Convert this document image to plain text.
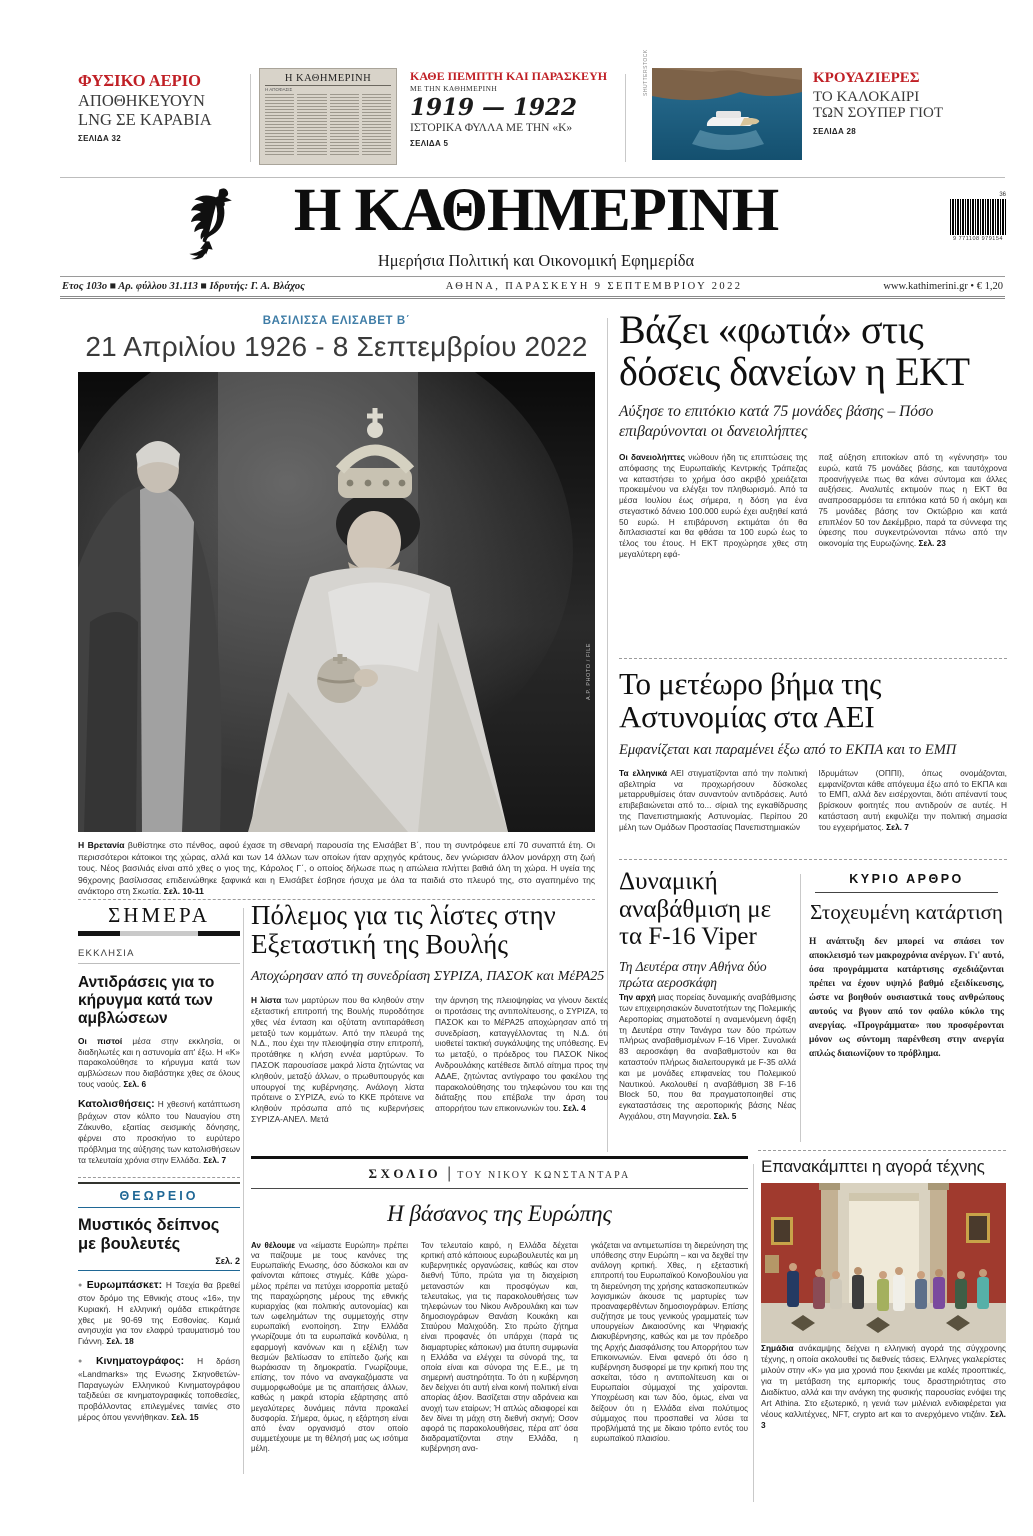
ΦΥΣΙΚΟ ΑΕΡΙΟ
ΑΠΟΘΗΚΕΥΟΥΝ
LNG ΣΕ ΚΑΡΑΒΙΑ
ΣΕΛΙΔΑ 32
Η ΚΑΘΗΜΕΡΙΝΗ
Η ΑΠΟΦΑΣΙΣ
ΚΑΘΕ ΠΕΜΠΤΗ ΚΑΙ ΠΑΡΑΣΚΕΥΗ
ΜΕ ΤΗΝ ΚΑΘΗΜΕΡΙΝΗ
1919 — 1922
ΙΣΤΟΡΙΚΑ ΦΥΛΛΑ ΜΕ ΤΗΝ «Κ»
ΣΕΛΙΔΑ 5
SHUTTERSTOCK	ΚΡΟΥΑΖΙΕΡΕΣ
ΤΟ ΚΑΛΟΚΑΙΡΙ
ΤΩΝ ΣΟΥΠΕΡ ΓΙΟΤ
ΣΕΛΙΔΑ 28
Η ΚΑΘΗΜΕΡΙΝΗ	36
9 771108 979154
Ημερήσια Πολιτική και Οικονομική Εφημερίδα
Ετος 103ο ■ Αρ. φύλλου 31.113 ■ Ιδρυτής: Γ. Α. Βλάχος	ΑΘΗΝΑ, ΠΑΡΑΣΚΕΥΗ 9 ΣΕΠΤΕΜΒΡΙΟΥ 2022	www.kathimerini.gr • € 1,20
ΒΑΣΙΛΙΣΣΑ ΕΛΙΣΑΒΕΤ Β΄
21 Απριλίου 1926 - 8 Σεπτεμβρίου 2022
A.P. PHOTO / FILE

Η Βρετανία βυθίστηκε στο πένθος, αφού έχασε τη σθεναρή παρουσία της Ελισάβετ Β΄, που τη συντρόφευε επί 70 συναπτά έτη. Οι περισσότεροι κάτοικοι της χώρας, αλλά και των 14 άλλων των οποίων ήταν αρχηγός κράτους, δεν γνώρισαν άλλον μονάρχη στη ζωή τους. Νέος βασιλιάς είναι από χθες ο γιος της, Κάρολος Γ΄, ο οποίος δήλωσε πως η απώλεια πλήττει βαθιά όλη τη χώρα. Η υγεία της 96χρονης βασίλισσας επιδεινώθηκε ξαφνικά και η Ελισάβετ έσβησε ήσυχα με όλα τα παιδιά στο πλευρό της, στο αγαπημένο της ανάκτορο στη Σκωτία. Σελ. 10-11

Βάζει «φωτιά» στις δόσεις δανείων η ΕΚΤ
Αύξησε το επιτόκιο κατά 75 μονάδες βάσης – Πόσο επιβαρύνονται οι δανειολήπτες
Οι δανειολήπτες νιώθουν ήδη τις επιπτώσεις της απόφασης της Ευρωπαϊκής Κεντρικής Τράπεζας να καταστήσει το χρήμα όσο ακριβό χρειάζεται προκειμένου να ελέγξει τον πληθωρισμό. Από τα μέσα Ιουλίου έως σήμερα, η δόση για ένα στεγαστικό δάνειο 100.000 ευρώ έχει αυξηθεί κατά 50 ευρώ. Η επιβάρυνση εκτιμάται ότι θα διπλασιαστεί και θα φθάσει τα 100 ευρώ έως το τέλος του έτους. Η ΕΚΤ προχώρησε χθες στη μεγαλύτερη εφά-
παξ αύξηση επιτοκίων από τη «γέννηση» του ευρώ, κατά 75 μονάδες βάσης, και ταυτόχρονα προανήγγειλε πως θα κάνει σύντομα και άλλες αυξήσεις. Αναλυτές εκτιμούν πως η ΕΚΤ θα αναπροσαρμόσει τα επιτόκια κατά 50 ή ακόμη και 75 μονάδες βάσης τον Οκτώβριο και κατά επιπλέον 50 τον Δεκέμβριο, παρά τα σύννεφα της ύφεσης που συγκεντρώνονται πάνω από την οικονομία της Ευρωζώνης. Σελ. 23
Το μετέωρο βήμα της Αστυνομίας στα ΑΕΙ
Εμφανίζεται και παραμένει έξω από το ΕΚΠΑ και το ΕΜΠ
Τα ελληνικά ΑΕΙ στιγματίζονται από την πολιτική αβελτηρία να προχωρήσουν δύσκολες μεταρρυθμίσεις όταν συναντούν αντιδράσεις. Αυτό επιβεβαιώνεται από το... σίριαλ της εγκαθίδρυσης της Πανεπιστημιακής Αστυνομίας. Περίπου 20 μέλη των Ομάδων Προστασίας Πανεπιστημιακών
Ιδρυμάτων (ΟΠΠΙ), όπως ονομάζονται, εμφανίζονται κάθε απόγευμα έξω από το ΕΚΠΑ και το ΕΜΠ, αλλά δεν εισέρχονται, διότι απέναντί τους βρίσκουν φοιτητές που αντιδρούν σε αυτές. Η κατάσταση αυτή εκφυλίζει την πολιτική σημασία του εγχειρήματος. Σελ. 7
Δυναμική αναβάθμιση με τα F-16 Viper
Τη Δευτέρα στην Αθήνα δύο πρώτα αεροσκάφη

Την αρχή μιας πορείας δυναμικής αναβάθμισης των επιχειρησιακών δυνατοτήτων της Πολεμικής Αεροπορίας σηματοδοτεί η αναμενόμενη άφιξη τη Δευτέρα στην Τανάγρα των δύο πρώτων πλήρως αναβαθμισμένων F-16 Viper. Συνολικά 83 αεροσκάφη θα αναβαθμιστούν και θα καταστούν πλήρως διαλειτουργικά με F-35 αλλά και με μονάδες επιφανείας του Πολεμικού Ναυτικού. Ακολουθεί η αναβάθμιση 38 F-16 Block 50, που θα πραγματοποιηθεί στις εγκαταστάσεις της αεροπορικής βάσης Νέας Αγχιάλου, στη Μαγνησία. Σελ. 5

ΚΥΡΙΟ ΑΡΘΡΟ
Στοχευμένη κατάρτιση
Η ανάπτυξη δεν μπορεί να σπάσει τον αποκλεισμό των μακροχρόνια ανέργων. Γι' αυτό, όσα προγράμματα κατάρτισης σχεδιάζονται πρέπει να έχουν υψηλό βαθμό εξειδίκευσης, ώστε να βοηθούν ουσιαστικά τους ανθρώπους αυτούς να βγουν από τον φαύλο κύκλο της ανεργίας. «Προγράμματα» που προσφέρονται μόνον ως σύντομη παρένθεση στην ανεργία απλώς διαιωνίζουν το πρόβλημα.
ΣΗΜΕΡΑ
ΕΚΚΛΗΣΙΑ
Αντιδράσεις για το κήρυγμα κατά των αμβλώσεων

Οι πιστοί μέσα στην εκκλησία, οι διαδηλωτές και η αστυνομία απ' έξω. Η «Κ» παρακολούθησε το κήρυγμα κατά των αμβλώσεων που διαβάστηκε χθες σε όλους τους ναούς. Σελ. 6

Κατολισθήσεις: Η χθεσινή κατάπτωση βράχων στον κόλπο του Ναυαγίου στη Ζάκυνθο, εξαιτίας σεισμικής δόνησης, φέρνει στο προσκήνιο το ευρύτερο πρόβλημα της αύξησης των κατολισθήσεων τα τελευταία χρόνια στην Ελλάδα. Σελ. 7

ΘΕΩΡΕΙΟ
Μυστικός δείπνος με βουλευτές
Σελ. 2

● Ευρωμπάσκετ: Η Τσεχία θα βρεθεί στον δρόμο της Εθνικής στους «16», την Κυριακή. Η ελληνική ομάδα επικράτησε χθες με 90-69 της Εσθονίας. Καμιά ανησυχία για τον ελαφρύ τραυματισμό του Γιάννη. Σελ. 18

● Κινηματογράφος: Η δράση «Landmarks» της Ενωσης Σκηνοθετών-Παραγωγών Ελληνικού Κινηματογράφου ταξιδεύει σε κινηματογραφικές τοποθεσίες, προβάλλοντας επιλεγμένες ταινίες στο μέρος όπου γεννήθηκαν. Σελ. 15

Πόλεμος για τις λίστες στην Εξεταστική της Βουλής
Αποχώρησαν από τη συνεδρίαση ΣΥΡΙΖΑ, ΠΑΣΟΚ και ΜέΡΑ25
Η λίστα των μαρτύρων που θα κληθούν στην εξεταστική επιτροπή της Βουλής πυροδότησε χθες νέα ένταση και οξύτατη αντιπαράθεση μεταξύ των κομμάτων. Από την πλευρά της Ν.Δ., που έχει την πλειοψηφία στην επιτροπή, προτάθηκε η κλήση εννέα μαρτύρων. Το ΠΑΣΟΚ παρουσίασε μακρά λίστα ζητώντας να κληθούν, μεταξύ άλλων, ο πρωθυπουργός και υπουργοί της κυβέρνησης. Ανάλογη λίστα πρότεινε ο ΣΥΡΙΖΑ, ενώ το ΚΚΕ πρότεινε να κληθούν πρόσωπα από τις κυβερνήσεις ΣΥΡΙΖΑ-ΑΝΕΛ. Μετά
την άρνηση της πλειοψηφίας να γίνουν δεκτές οι προτάσεις της αντιπολίτευσης, ο ΣΥΡΙΖΑ, το ΠΑΣΟΚ και το ΜέΡΑ25 αποχώρησαν από τη συνεδρίαση, καταγγέλλοντας τη Ν.Δ. ότι υιοθετεί τακτική συγκάλυψης της υπόθεσης. Εν τω μεταξύ, ο πρόεδρος του ΠΑΣΟΚ Νίκος Ανδρουλάκης κατέθεσε διπλό αίτημα προς την ΑΔΑΕ, ζητώντας αντίγραφο του φακέλου της παρακολούθησης του τηλεφώνου του και της διάταξης που επέβαλε την άρση του απορρήτου των επικοινωνιών του. Σελ. 4
ΣΧΟΛΙΟ | ΤΟΥ ΝΙΚΟΥ ΚΩΝΣΤΑΝΤΑΡΑ
Η βάσανος της Ευρώπης
Αν θέλουμε να «είμαστε Ευρώπη» πρέπει να παίζουμε με τους κανόνες της Ευρωπαϊκής Ενωσης, όσο δύσκολοι και αν φαίνονται κάποιες στιγμές. Κάθε χώρα-μέλος πρέπει να πετύχει ισορροπία μεταξύ της παραχώρησης μέρους της εθνικής κυριαρχίας (και πολιτικής αυτονομίας) και των ωφελημάτων της συμμετοχής στην ευρωπαϊκή ενοποίηση. Στην Ελλάδα γνωρίζουμε ότι τα ευρωπαϊκά κονδύλια, η εφαρμογή κανόνων και η εξέλιξη των θεσμών βελτίωσαν το επίπεδο ζωής και θωράκισαν τη δημοκρατία. Γνωρίζουμε, επίσης, τον πόνο να αναγκαζόμαστε να συμμορφωθούμε με τις απαιτήσεις άλλων, καθώς η μακρά ιστορία εξάρτησης από μεγαλύτερες δυνάμεις πάντα προκαλεί δυσφορία. Σήμερα, όμως, η εξάρτηση είναι από έναν οργανισμό στον οποίο συμμετέχουμε με τη θέλησή μας ως ισότιμα μέλη.
Τον τελευταίο καιρό, η Ελλάδα δέχεται κριτική από κάποιους ευρωβουλευτές και μη κυβερνητικές οργανώσεις, καθώς και στον διεθνή Τύπο, πρώτα για τη διαχείριση μεταναστών και προσφύγων και, τελευταίως, για τις παρακολουθήσεις των τηλεφώνων του Νίκου Ανδρουλάκη και των δημοσιογράφων Θανάση Κουκάκη και Σταύρου Μαλιχούδη. Στο πρώτο ζήτημα είναι προφανές ότι υπάρχει (παρά τις διαμαρτυρίες κάποιων) μια άτυπη συμφωνία η Ελλάδα να ελέγχει τα σύνορά της, τα οποία είναι και σύνορα της Ε.Ε., με τη σημερινή αυστηρότητα. Το ότι η κυβέρνηση δεν δείχνει ότι αυτή είναι κοινή πολιτική είναι απορίας άξιον. Βασίζεται στην αδράνεια και ανοχή των εταίρων; Ή απλώς αδιαφορεί και δεν δίνει τη μάχη στη διεθνή σκηνή; Οσον αφορά τις παρακολουθήσεις, πέρα απ' όσα διαδραματίζονται στην Ελλάδα, η κυβέρνηση ανα-
γκάζεται να αντιμετωπίσει τη διερεύνηση της υπόθεσης στην Ευρώπη – και να δεχθεί την ανάλογη κριτική. Χθες, η εξεταστική επιτροπή του Ευρωπαϊκού Κοινοβουλίου για τη διερεύνηση της χρήσης κατασκοπευτικών λογισμικών άκουσε τις μαρτυρίες των προαναφερθέντων δημοσιογράφων. Επίσης συζήτησε με τους γενικούς γραμματείς των υπουργείων Δικαιοσύνης και Ψηφιακής Διακυβέρνησης, καθώς και με τον πρόεδρο της Αρχής Διασφάλισης του Απορρήτου των Επικοινωνιών. Είναι φανερό ότι όσο η κυβέρνηση δυσφορεί με την κριτική που της ασκείται, τόσο η αντιπολίτευση και οι Ευρωπαίοι σύμμαχοί της χαίρονται. Υποχρέωση και των δύο, όμως, είναι να δείξουν ότι η Ελλάδα είναι πολύτιμος σύμμαχος που προσπαθεί να λύσει τα προβλήματά της με δίκαιο τρόπο εντός του ευρωπαϊκού πλαισίου.
Επανακάμπτει η αγορά τέχνης

Σημάδια ανάκαμψης δείχνει η ελληνική αγορά της σύγχρονης τέχνης, η οποία ακολουθεί τις διεθνείς τάσεις. Ελληνες γκαλερίστες μιλούν στην «Κ» για μια χρονιά που ξεκινάει με καλές προοπτικές, για τη μετάβαση της εμπορικής τους δραστηριότητας στο Διαδίκτυο, αλλά και την ανάγκη της φυσικής παρουσίας ενόψει της Art Athina. Στο εξωτερικό, η γενιά των μιλένιαλ ενδιαφέρεται για νέους καλλιτέχνες, NFT, crypto art και το ανερχόμενο ντιζάιν. Σελ. 3
